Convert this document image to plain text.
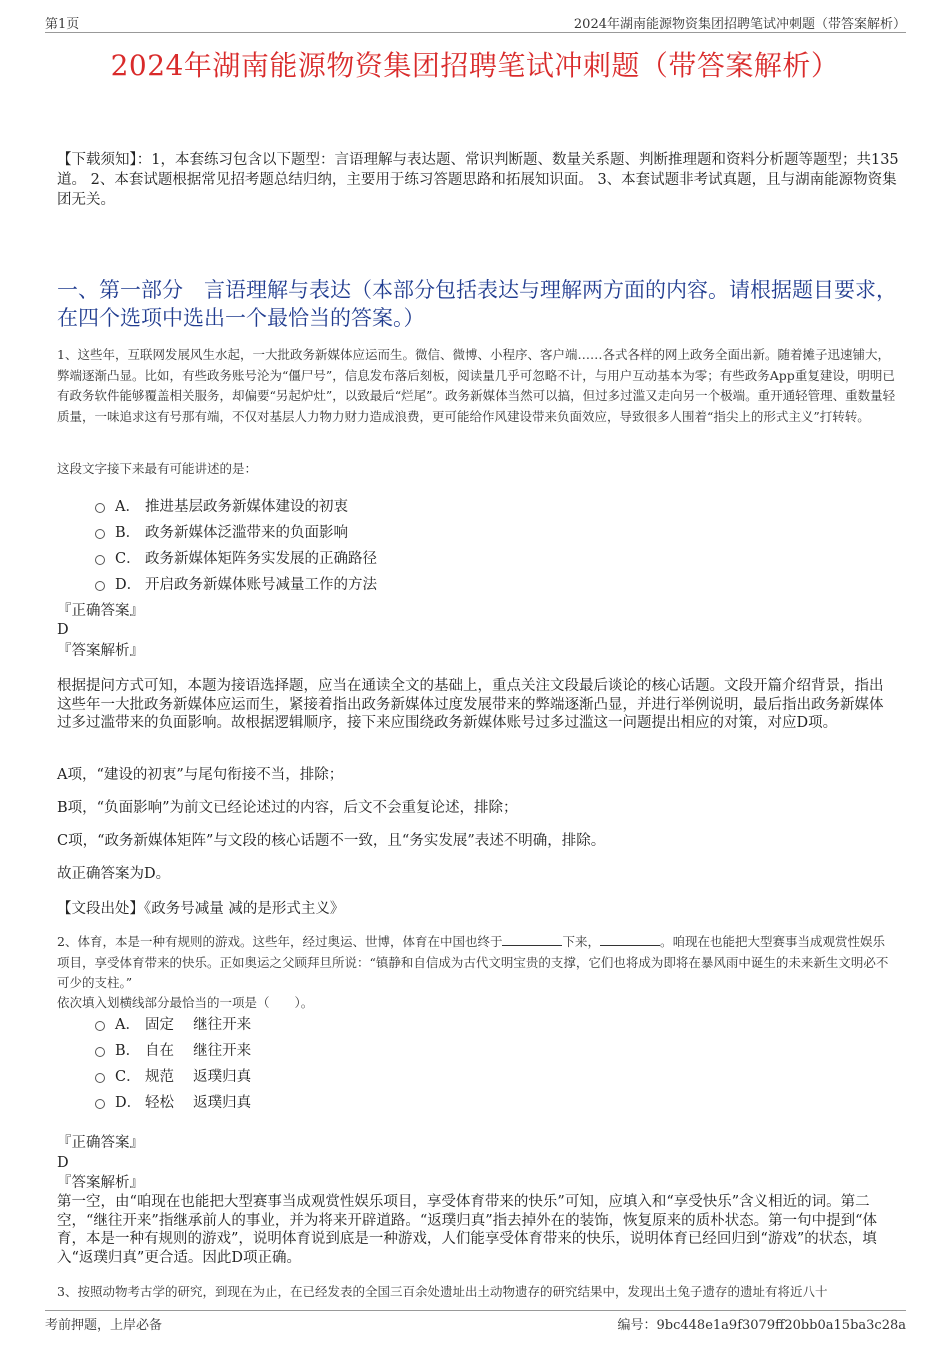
第1页	2024年湖南能源物资集团招聘笔试冲刺题（带答案解析）
2024年湖南能源物资集团招聘笔试冲刺题（带答案解析）
【下载须知】：1，本套练习包含以下题型：言语理解与表达题、常识判断题、数量关系题、判断推理题和资料分析题等题型；共135道。 2、本套试题根据常见招考题总结归纳，主要用于练习答题思路和拓展知识面。 3、本套试题非考试真题，且与湖南能源物资集团无关。
一、第一部分　言语理解与表达（本部分包括表达与理解两方面的内容。请根据题目要求，在四个选项中选出一个最恰当的答案。）
1、这些年，互联网发展风生水起，一大批政务新媒体应运而生。微信、微博、小程序、客户端……各式各样的网上政务全面出新。随着摊子迅速铺大，弊端逐渐凸显。比如，有些政务账号沦为“僵尸号”，信息发布落后刻板，阅读量几乎可忽略不计，与用户互动基本为零；有些政务App重复建设，明明已有政务软件能够覆盖相关服务，却偏要“另起炉灶”，以致最后“烂尾”。政务新媒体当然可以搞，但过多过滥又走向另一个极端。重开通轻管理、重数量轻质量，一味追求这有号那有端，不仅对基层人力物力财力造成浪费，更可能给作风建设带来负面效应，导致很多人围着“指尖上的形式主义”打转转。
这段文字接下来最有可能讲述的是：
A． 推进基层政务新媒体建设的初衷
B． 政务新媒体泛滥带来的负面影响
C． 政务新媒体矩阵务实发展的正确路径
D． 开启政务新媒体账号减量工作的方法
『正确答案』
D
『答案解析』
根据提问方式可知，本题为接语选择题，应当在通读全文的基础上，重点关注文段最后谈论的核心话题。文段开篇介绍背景，指出这些年一大批政务新媒体应运而生，紧接着指出政务新媒体过度发展带来的弊端逐渐凸显，并进行举例说明，最后指出政务新媒体过多过滥带来的负面影响。故根据逻辑顺序，接下来应围绕政务新媒体账号过多过滥这一问题提出相应的对策，对应D项。
A项，“建设的初衷”与尾句衔接不当，排除；
B项，“负面影响”为前文已经论述过的内容，后文不会重复论述，排除；
C项，“政务新媒体矩阵”与文段的核心话题不一致，且“务实发展”表述不明确，排除。
故正确答案为D。
【文段出处】《政务号减量 减的是形式主义》
2、体育，本是一种有规则的游戏。这些年，经过奥运、世博，体育在中国也终于	下来，	。咱现在也能把大型赛事当成观赏性娱乐项目，享受体育带来的快乐。正如奥运之父顾拜旦所说：“镇静和自信成为古代文明宝贵的支撑，它们也将成为即将在暴风雨中诞生的未来新生文明必不可少的支柱。”
依次填入划横线部分最恰当的一项是（　　）。
A． 固定　 继往开来
B． 自在　 继往开来
C． 规范　 返璞归真
D． 轻松　 返璞归真
『正确答案』
D
『答案解析』
第一空，由“咱现在也能把大型赛事当成观赏性娱乐项目，享受体育带来的快乐”可知，应填入和“享受快乐”含义相近的词。第二空，“继往开来”指继承前人的事业，并为将来开辟道路。“返璞归真”指去掉外在的装饰，恢复原来的质朴状态。第一句中提到“体育，本是一种有规则的游戏”，说明体育说到底是一种游戏，人们能享受体育带来的快乐，说明体育已经回归到“游戏”的状态，填入“返璞归真”更合适。因此D项正确。
3、按照动物考古学的研究，到现在为止，在已经发表的全国三百余处遗址出土动物遗存的研究结果中，发现出土兔子遗存的遗址有将近八十
考前押题，上岸必备	编号：9bc448e1a9f3079ff20bb0a15ba3c28a
